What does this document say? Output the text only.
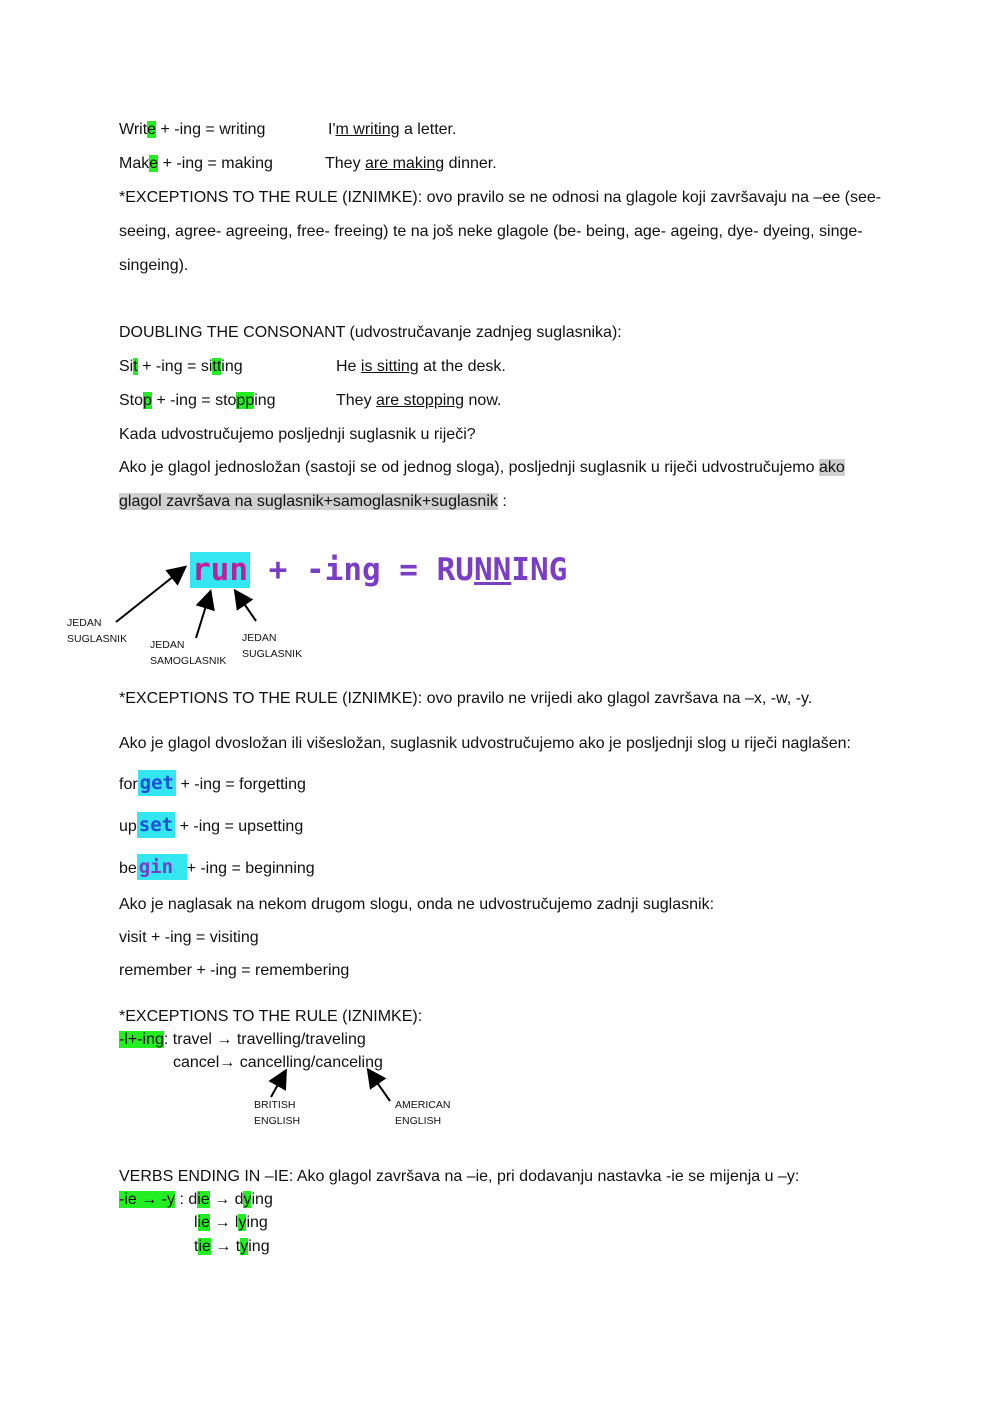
Write + -ing = writing	I'm writing a letter.
Make + -ing = making	They are making dinner.
*EXCEPTIONS TO THE RULE (IZNIMKE): ovo pravilo se ne odnosi na glagole koji završavaju na –ee (see-
seeing, agree- agreeing, free- freeing) te na još neke glagole (be- being, age- ageing, dye- dyeing, singe-
singeing).
DOUBLING THE CONSONANT (udvostručavanje zadnjeg suglasnika):
Sit + -ing = sitting	He is sitting at the desk.
Stop + -ing = stopping	They are stopping now.
Kada udvostručujemo posljednji suglasnik u riječi?
Ako je glagol jednosložan (sastoji se od jednog sloga), posljednji suglasnik u riječi udvostručujemo ako
glagol završava na suglasnik+samoglasnik+suglasnik :
run + -ing = RUNNING
JEDAN
SUGLASNIK JEDAN
SAMOGLASNIK
JEDAN
SUGLASNIK
*EXCEPTIONS TO THE RULE (IZNIMKE): ovo pravilo ne vrijedi ako glagol završava na –x, -w, -y.
Ako je glagol dvosložan ili višesložan, suglasnik udvostručujemo ako je posljednji slog u riječi naglašen:
for get + -ing = forgetting
up set + -ing = upsetting
be gin + -ing = beginning
Ako je naglasak na nekom drugom slogu, onda ne udvostručujemo zadnji suglasnik:
visit + -ing = visiting
remember + -ing = remembering
*EXCEPTIONS TO THE RULE (IZNIMKE):
-l+-ing: travel → travelling/traveling
cancel→ cancelling/canceling
BRITISH
ENGLISH
AMERICAN
ENGLISH
VERBS ENDING IN –IE: Ako glagol završava na –ie, pri dodavanju nastavka -ie se mijenja u –y:
-ie → -y : die → dying
lie → lying
tie → tying
